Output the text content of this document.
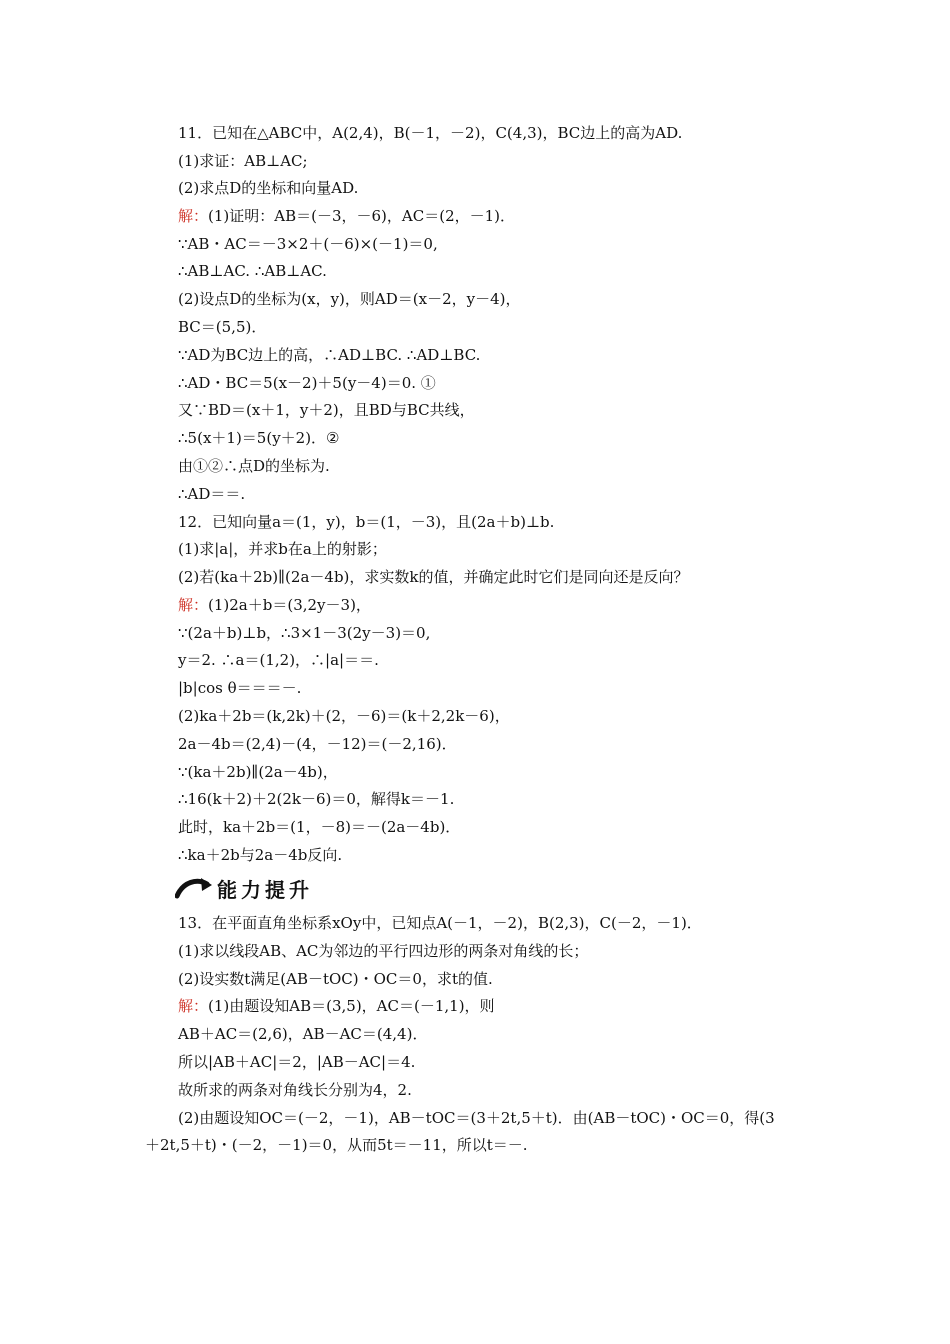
11．已知在△ABC中，A(2,4)，B(－1，－2)，C(4,3)，BC边上的高为AD.
(1)求证：AB⊥AC;
(2)求点D的坐标和向量AD.
解：(1)证明：AB＝(－3，－6)，AC＝(2，－1)．
∵AB・AC＝－3×2＋(－6)×(－1)＝0,
∴AB⊥AC. ∴AB⊥AC.
(2)设点D的坐标为(x，y)，则AD＝(x－2，y－4)，
BC＝(5,5)．
∵AD为BC边上的高，∴AD⊥BC. ∴AD⊥BC.
∴AD・BC＝5(x－2)＋5(y－4)＝0. ①
又∵BD＝(x＋1，y＋2)，且BD与BC共线，
∴5(x＋1)＝5(y＋2)．②
由①②∴点D的坐标为.
∴AD＝＝.
12．已知向量a＝(1，y)，b＝(1，－3)，且(2a＋b)⊥b.
(1)求|a|，并求b在a上的射影；
(2)若(ka＋2b)∥(2a－4b)，求实数k的值，并确定此时它们是同向还是反向？
解：(1)2a＋b＝(3,2y－3)，
∵(2a＋b)⊥b，∴3×1－3(2y－3)＝0,
y＝2. ∴a＝(1,2)，∴|a|＝＝.
|b|cos θ＝＝＝－.
(2)ka＋2b＝(k,2k)＋(2，－6)＝(k＋2,2k－6)，
2a－4b＝(2,4)－(4，－12)＝(－2,16)．
∵(ka＋2b)∥(2a－4b)，
∴16(k＋2)＋2(2k－6)＝0，解得k＝－1.
此时，ka＋2b＝(1，－8)＝－(2a－4b)．
∴ka＋2b与2a－4b反向.
能力提升
13．在平面直角坐标系xOy中，已知点A(－1，－2)，B(2,3)，C(－2，－1)．
(1)求以线段AB、AC为邻边的平行四边形的两条对角线的长；
(2)设实数t满足(AB－tOC)・OC＝0，求t的值.
解：(1)由题设知AB＝(3,5)，AC＝(－1,1)，则
AB＋AC＝(2,6)，AB－AC＝(4,4)．
所以|AB＋AC|＝2，|AB－AC|＝4.
故所求的两条对角线长分别为4，2.
(2)由题设知OC＝(－2，－1)，AB－tOC＝(3＋2t,5＋t)．由(AB－tOC)・OC＝0，得(3
＋2t,5＋t)・(－2，－1)＝0，从而5t＝－11，所以t＝－.
